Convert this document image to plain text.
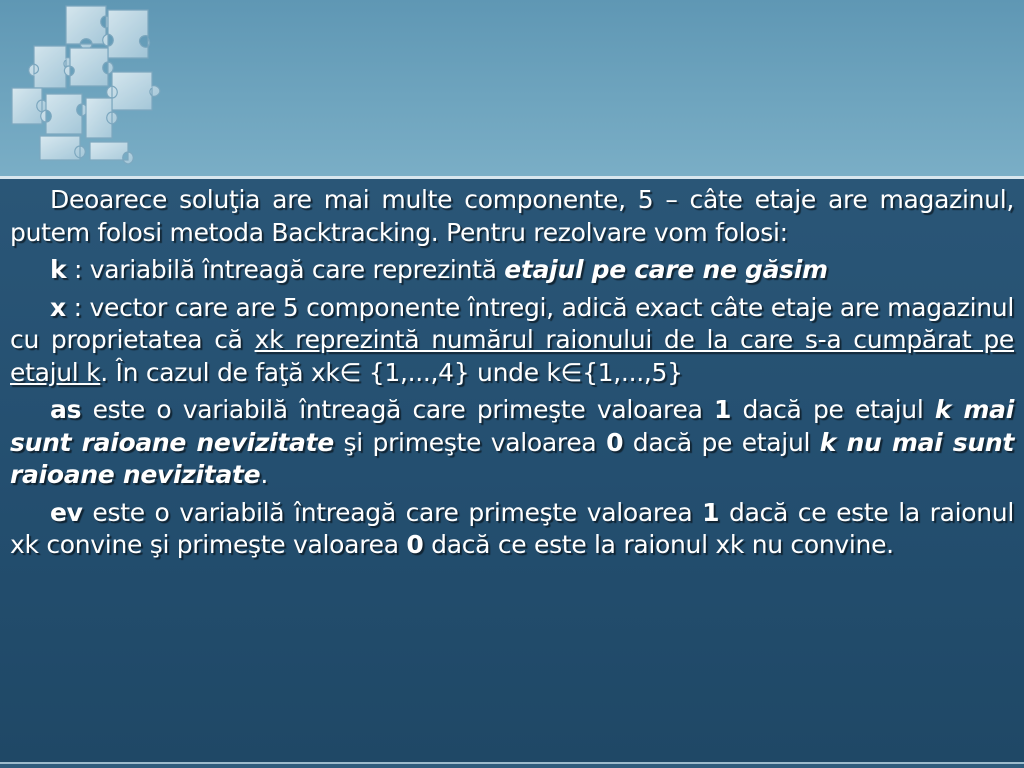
Deoarece soluţia are mai multe componente, 5 – câte etaje are magazinul, putem folosi metoda Backtracking. Pentru rezolvare vom folosi:

k : variabilă întreagă care reprezintă etajul pe care ne găsim

x : vector care are 5 componente întregi, adică exact câte etaje are magazinul cu proprietatea că xk reprezintă numărul raionului de la care s-a cumpărat pe etajul k. În cazul de faţă xk∈ {1,...,4} unde k∈{1,...,5}

as este o variabilă întreagă care primeşte valoarea 1 dacă pe etajul k mai sunt raioane nevizitate şi primeşte valoarea 0 dacă pe etajul k nu mai sunt raioane nevizitate.

ev este o variabilă întreagă care primeşte valoarea 1 dacă ce este la raionul xk convine şi primeşte valoarea 0 dacă ce este la raionul xk nu convine.
